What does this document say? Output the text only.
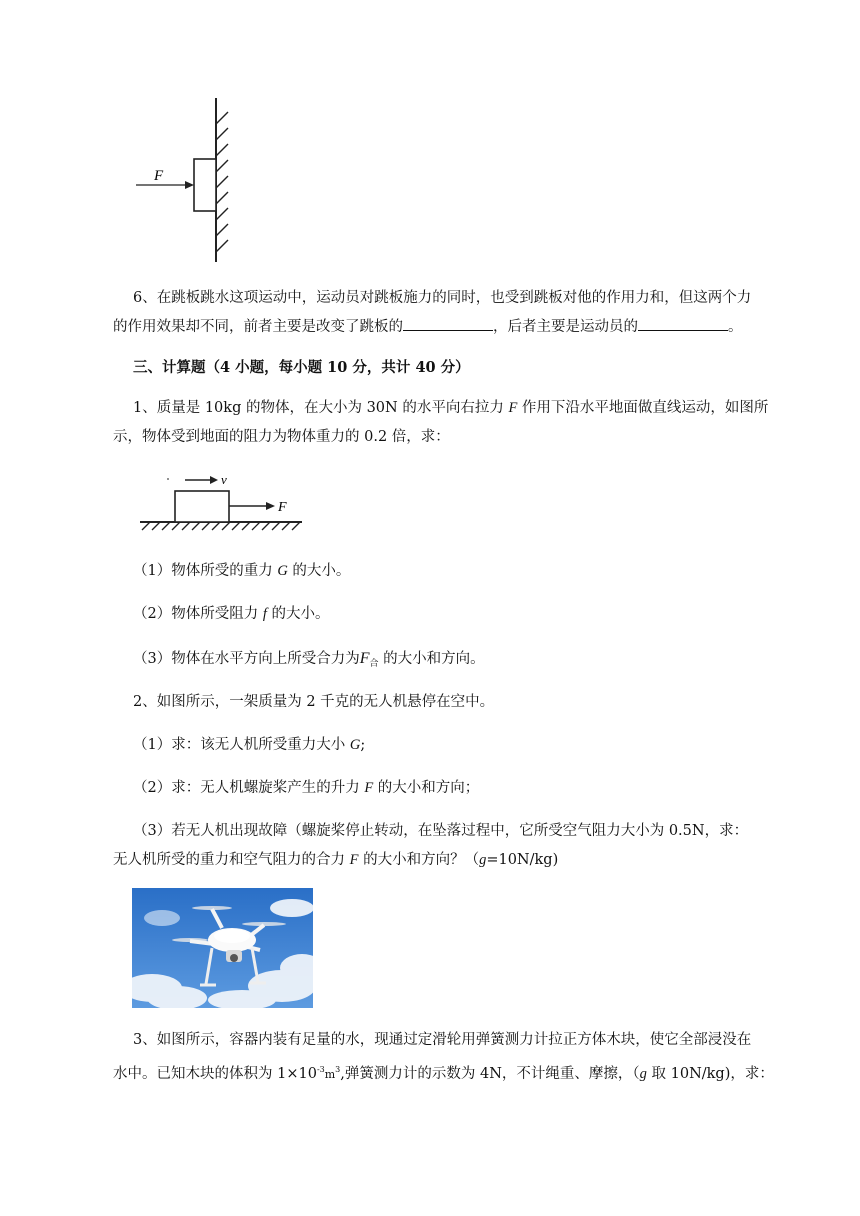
F

6、在跳板跳水这项运动中，运动员对跳板施力的同时，也受到跳板对他的作用力和，但这两个力

的作用效果却不同，前者主要是改变了跳板的	，后者主要是运动员的	。

三、计算题（4 小题，每小题 10 分，共计 40 分）

1、质量是 10kg 的物体，在大小为 30N 的水平向右拉力 F 作用下沿水平地面做直线运动，如图所

示，物体受到地面的阻力为物体重力的 0.2 倍，求：

v
F

（1）物体所受的重力 G 的大小。

（2）物体所受阻力 f 的大小。

（3）物体在水平方向上所受合力为$F_合$ 的大小和方向。

2、如图所示，一架质量为 2 千克的无人机悬停在空中。

（1）求：该无人机所受重力大小 G;

（2）求：无人机螺旋桨产生的升力 F 的大小和方向；

（3）若无人机出现故障（螺旋桨停止转动，在坠落过程中，它所受空气阻力大小为 0.5N，求：

无人机所受的重力和空气阻力的合力 F 的大小和方向？（g=10N/kg)

3、如图所示，容器内装有足量的水，现通过定滑轮用弹簧测力计拉正方体木块，使它全部浸没在

水中。已知木块的体积为 $1\times 10^{-3}m^3$,弹簧测力计的示数为 4N，不计绳重、摩擦，（g 取 10N/kg)，求：
